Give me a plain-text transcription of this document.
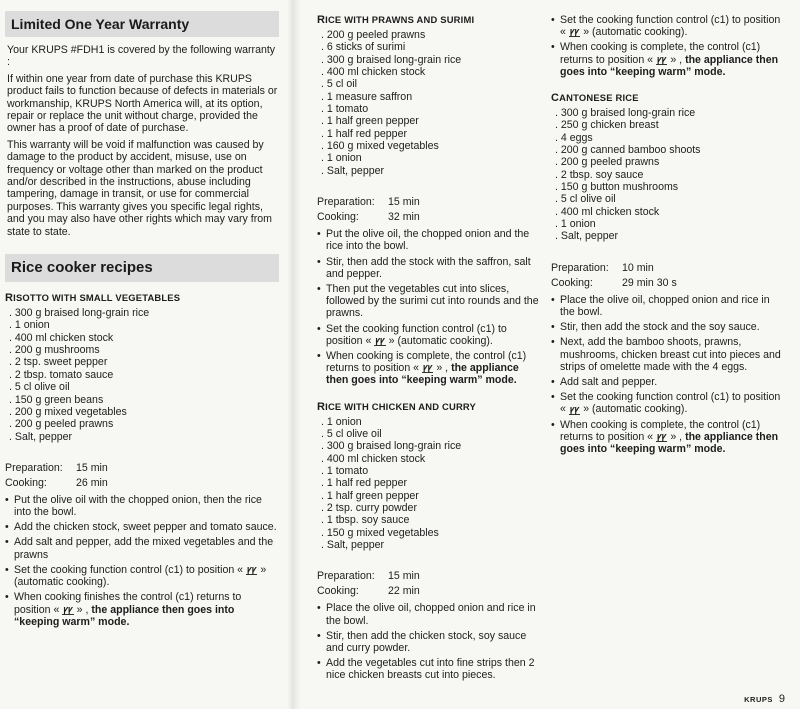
Limited One Year Warranty

Your KRUPS #FDH1 is covered by the following warranty :

If within one year from date of purchase this KRUPS product fails to function because of defects in materials or workmanship, KRUPS North America will, at its option, repair or replace the unit without charge, provided the owner has a proof of date of purchase.

This warranty will be void if malfunction was caused by damage to the product by accident, misuse, use on frequency or voltage other than marked on the product and/or described in the instructions, abuse including tampering, damage in transit, or use for commercial purposes. This warranty gives you specific legal rights, and you may also have other rights which may vary from state to state.

Rice cooker recipes
RISOTTO WITH SMALL VEGETABLES
. 300 g braised long-grain rice
. 1 onion
. 400 ml chicken stock
. 200 g mushrooms
. 2 tsp. sweet pepper
. 2 tbsp. tomato sauce
. 5 cl olive oil
. 150 g green beans
. 200 g mixed vegetables
. 200 g peeled prawns
. Salt, pepper
Preparation:	15 min
Cooking:	26 min
• Put the olive oil with the chopped onion, then the rice into the bowl.
• Add the chicken stock, sweet pepper and tomato sauce.
• Add salt and pepper, add the mixed vegetables and the prawns
• Set the cooking function control (c1) to position « ꝩꝩ » (automatic cooking).
• When cooking finishes the control (c1) returns to position « ꝩꝩ » , the appliance then goes into “keeping warm” mode.
RICE WITH PRAWNS AND SURIMI
. 200 g peeled prawns
. 6 sticks of surimi
. 300 g braised long-grain rice
. 400 ml chicken stock
. 5 cl oil
. 1 measure saffron
. 1 tomato
. 1 half green pepper
. 1 half red pepper
. 160 g mixed vegetables
. 1 onion
. Salt, pepper
Preparation:	15 min
Cooking:	32 min
• Put the olive oil, the chopped onion and the rice into the bowl.
• Stir, then add the stock with the saffron, salt and pepper.
• Then put the vegetables cut into slices, followed by the surimi cut into rounds and the prawns.
• Set the cooking function control (c1) to position « ꝩꝩ » (automatic cooking).
• When cooking is complete, the control (c1) returns to position « ꝩꝩ » , the appliance then goes into “keeping warm” mode.
RICE WITH CHICKEN AND CURRY
. 1 onion
. 5 cl olive oil
. 300 g braised long-grain rice
. 400 ml chicken stock
. 1 tomato
. 1 half red pepper
. 1 half green pepper
. 2 tsp. curry powder
. 1 tbsp. soy sauce
. 150 g mixed vegetables
. Salt, pepper
Preparation:	15 min
Cooking:	22 min
• Place the olive oil, chopped onion and rice in the bowl.
• Stir, then add the chicken stock, soy sauce and curry powder.
• Add the vegetables cut into fine strips then 2 nice chicken breasts cut into pieces.
• Set the cooking function control (c1) to position « ꝩꝩ » (automatic cooking).
• When cooking is complete, the control (c1) returns to position « ꝩꝩ » , the appliance then goes into “keeping warm” mode.
CANTONESE RICE
. 300 g braised long-grain rice
. 250 g chicken breast
. 4 eggs
. 200 g canned bamboo shoots
. 200 g peeled prawns
. 2 tbsp. soy sauce
. 150 g button mushrooms
. 5 cl olive oil
. 400 ml chicken stock
. 1 onion
. Salt, pepper
Preparation:	10 min
Cooking:	29 min 30 s
• Place the olive oil, chopped onion and rice in the bowl.
• Stir, then add the stock and the soy sauce.
• Next, add the bamboo shoots, prawns, mushrooms, chicken breast cut into pieces and strips of omelette made with the 4 eggs.
• Add salt and pepper.
• Set the cooking function control (c1) to position « ꝩꝩ » (automatic cooking).
• When cooking is complete, the control (c1) returns to position « ꝩꝩ » , the appliance then goes into “keeping warm” mode.
KRUPS 9
